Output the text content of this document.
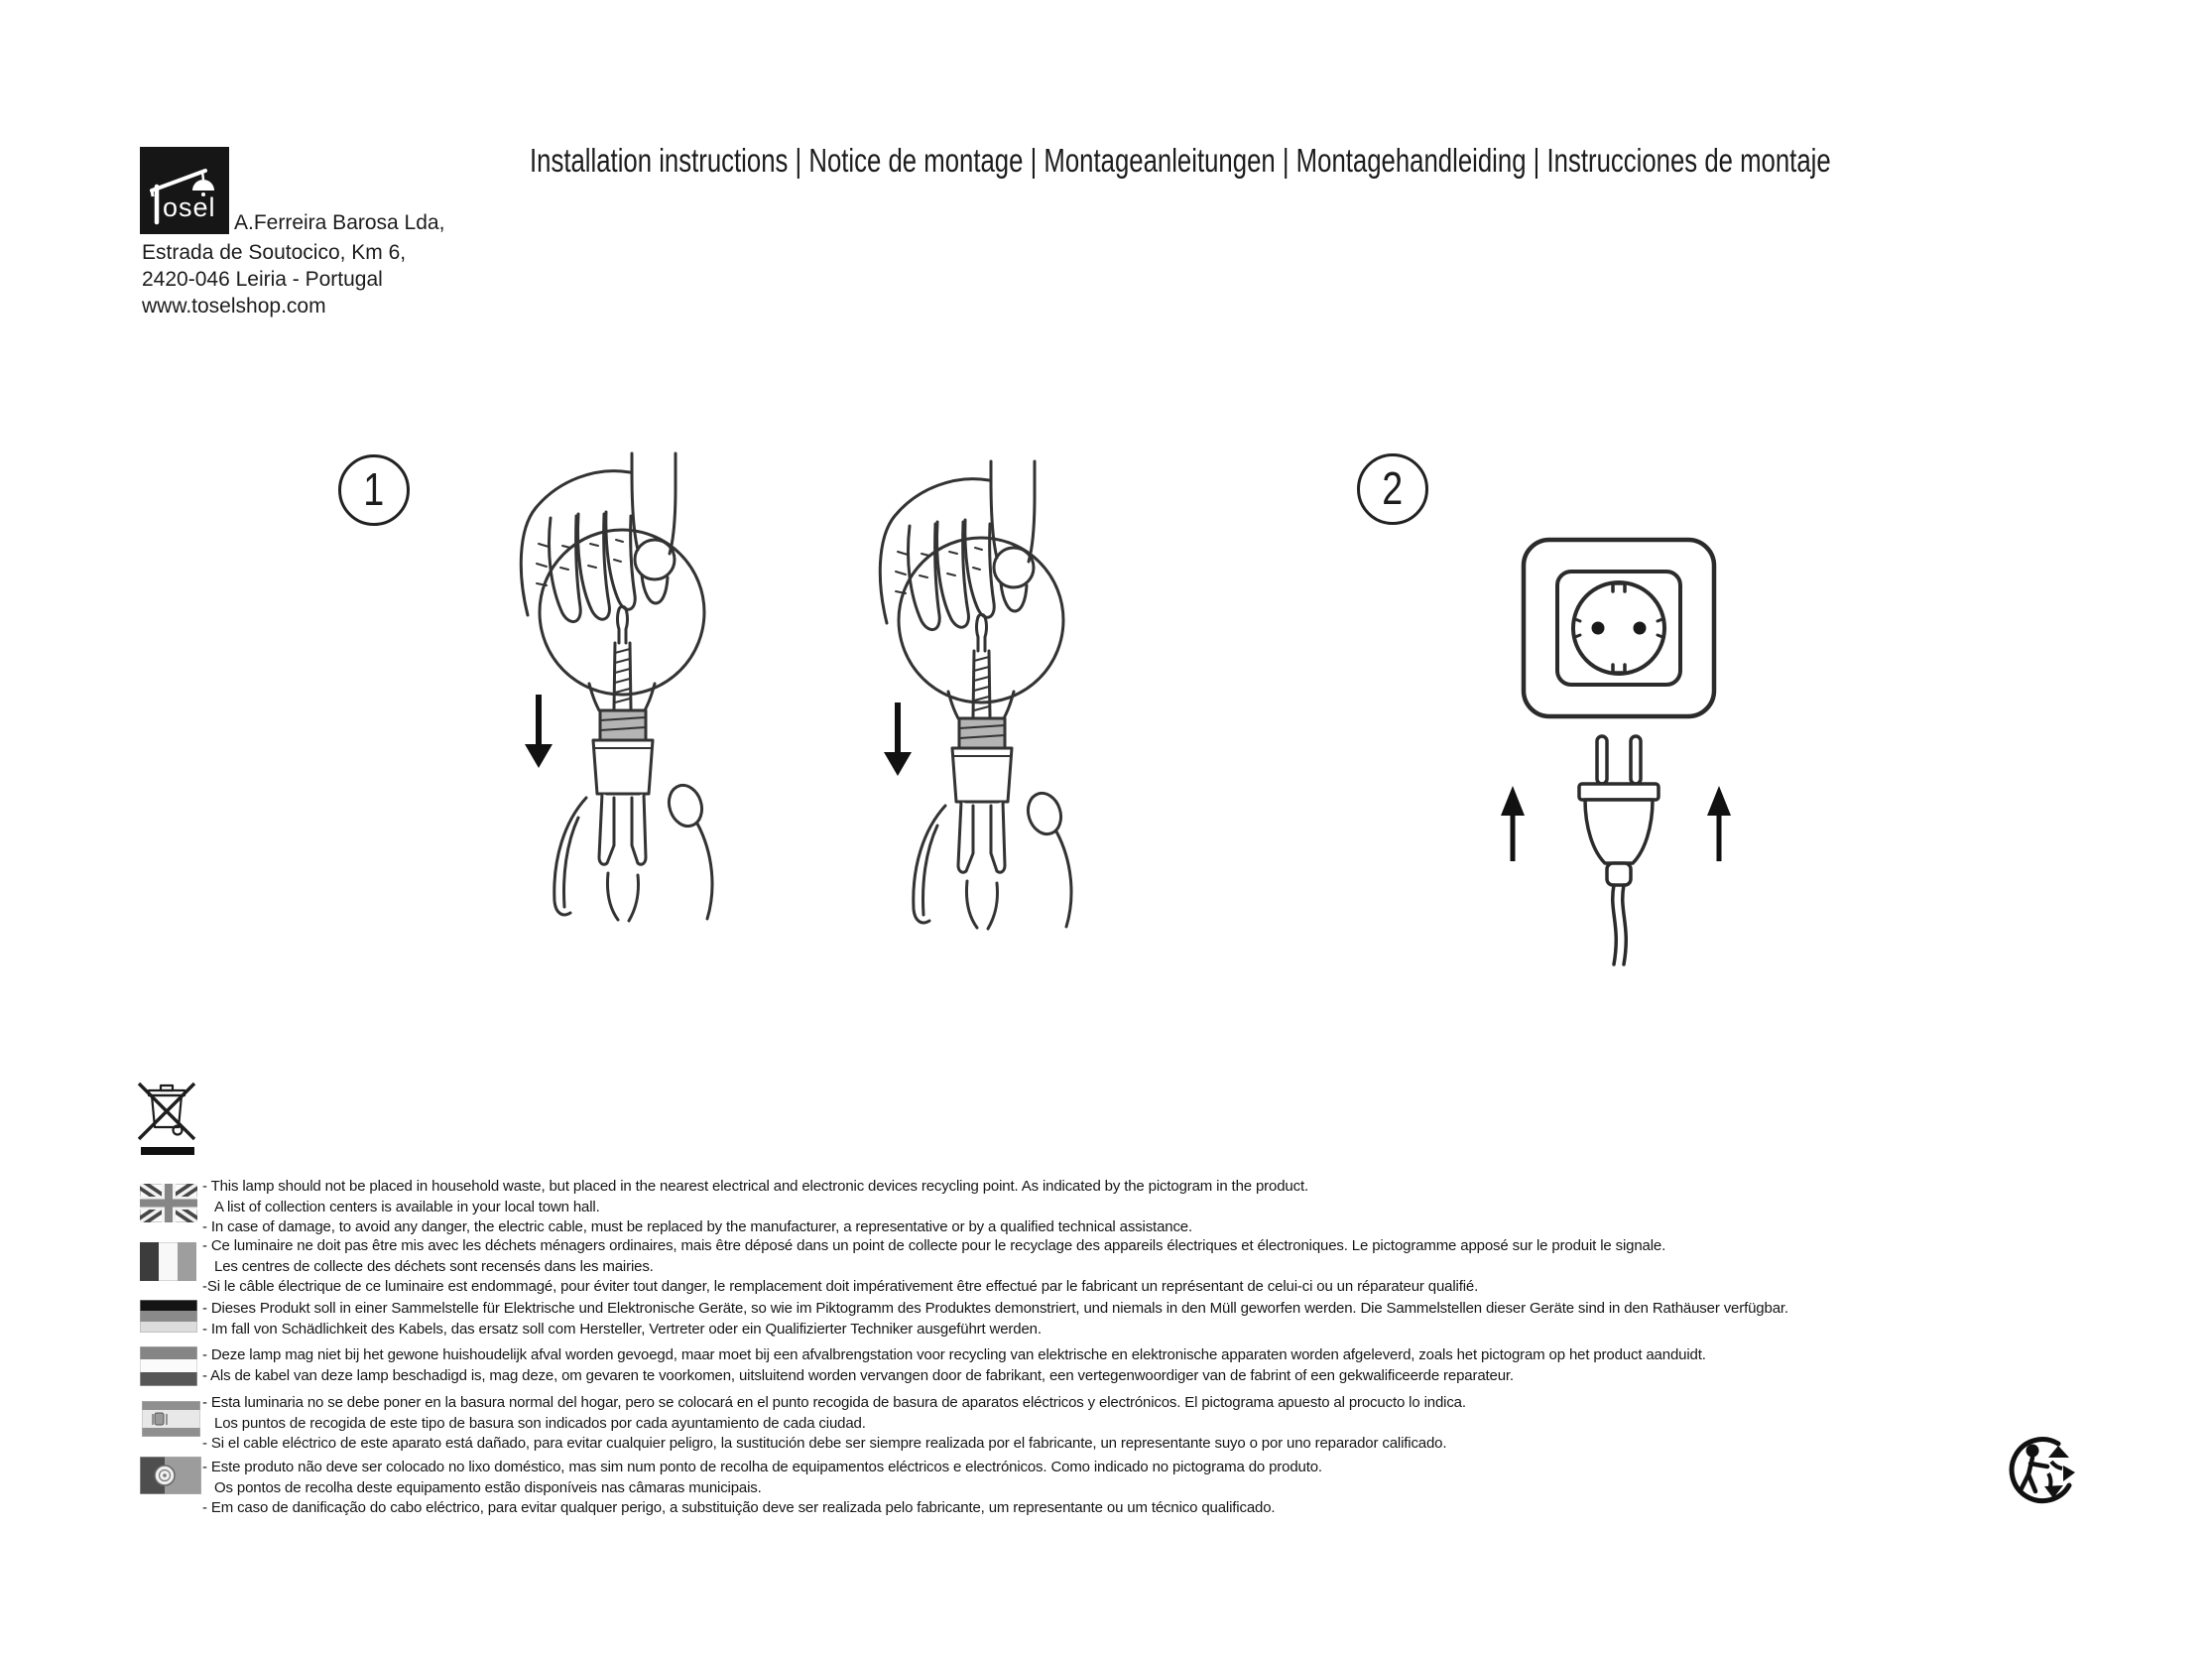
osel
A.Ferreira Barosa Lda,
Estrada de Soutocico, Km 6,
2420-046 Leiria - Portugal
www.toselshop.com
Installation instructions | Notice de montage | Montageanleitungen | Montagehandleiding | Instrucciones de montaje
1	2
- This lamp should not be placed in household waste, but placed in the nearest electrical and electronic devices recycling point. As indicated by the pictogram in the product.
A list of collection centers is available in your local town hall.
- In case of damage, to avoid any danger, the electric cable, must be replaced by the manufacturer, a representative or by a qualified technical assistance.
- Ce luminaire ne doit pas être mis avec les déchets ménagers ordinaires, mais être déposé dans un point de collecte pour le recyclage des appareils électriques et électroniques. Le pictogramme apposé sur le produit le signale.
Les centres de collecte des déchets sont recensés dans les mairies.
-Si le câble électrique de ce luminaire est endommagé, pour éviter tout danger, le remplacement doit impérativement être effectué par le fabricant un représentant de celui-ci ou un réparateur qualifié.
- Dieses Produkt soll in einer Sammelstelle für Elektrische und Elektronische Geräte, so wie im Piktogramm des Produktes demonstriert, und niemals in den Müll geworfen werden. Die Sammelstellen dieser Geräte sind in den Rathäuser verfügbar.
- Im fall von Schädlichkeit des Kabels, das ersatz soll com Hersteller, Vertreter oder ein Qualifizierter Techniker ausgeführt werden.
- Deze lamp mag niet bij het gewone huishoudelijk afval worden gevoegd, maar moet bij een afvalbrengstation voor recycling van elektrische en elektronische apparaten worden afgeleverd, zoals het pictogram op het product aanduidt.
- Als de kabel van deze lamp beschadigd is, mag deze, om gevaren te voorkomen, uitsluitend worden vervangen door de fabrikant, een vertegenwoordiger van de fabrint of een gekwalificeerde reparateur.
- Esta luminaria no se debe poner en la basura normal del hogar, pero se colocará en el punto recogida de basura de aparatos eléctricos y electrónicos. El pictograma apuesto al procucto lo indica.
Los puntos de recogida de este tipo de basura son indicados por cada ayuntamiento de cada ciudad.
- Si el cable eléctrico de este aparato está dañado, para evitar cualquier peligro, la sustitución debe ser siempre realizada por el fabricante, un representante suyo o por uno reparador calificado.
- Este produto não deve ser colocado no lixo doméstico, mas sim num ponto de recolha de equipamentos eléctricos e electrónicos. Como indicado no pictograma do produto.
Os pontos de recolha deste equipamento estão disponíveis nas câmaras municipais.
- Em caso de danificação do cabo eléctrico, para evitar qualquer perigo, a substituição deve ser realizada pelo fabricante, um representante ou um técnico qualificado.
